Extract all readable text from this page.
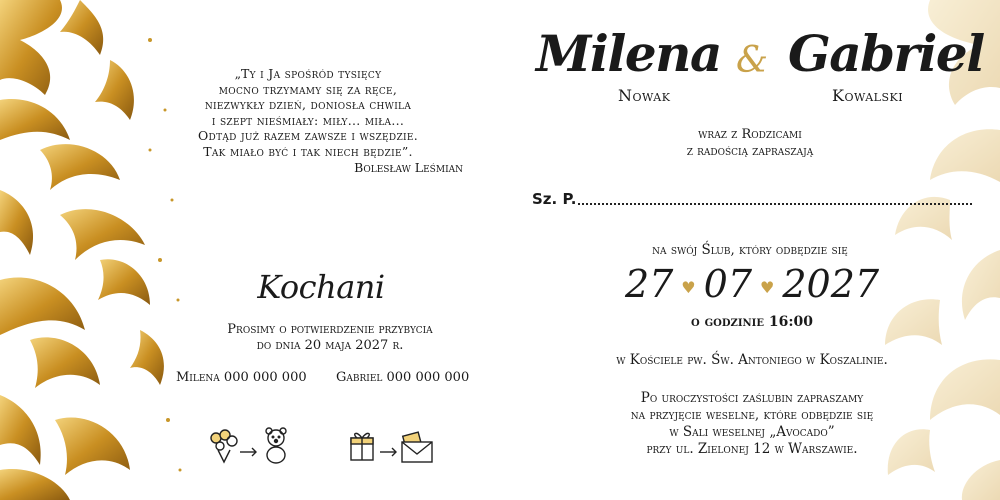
„Ty i Ja spośród tysięcy
mocno trzymamy się za ręce,
niezwykły dzień, doniosła chwila
i szept nieśmiały: miły... miła...
Odtąd już razem zawsze i wszędzie.
Tak miało być i tak niech będzie”.
Bolesław Leśmian
Kochani
Prosimy o potwierdzenie przybycia
do dnia 20 maja 2027 r.
Milena 000 000 000 Gabriel 000 000 000
Milena & Gabriel
Nowak	Kowalski
wraz z Rodzicami
z radością zapraszają
Sz. P.
na swój Ślub, który odbędzie się
27 ♥ 07 ♥ 2027
o godzinie 16:00
w Kościele pw. Św. Antoniego w Koszalinie.
Po uroczystości zaślubin zapraszamy
na przyjęcie weselne, które odbędzie się
w Sali weselnej „Avocado”
przy ul. Zielonej 12 w Warszawie.
